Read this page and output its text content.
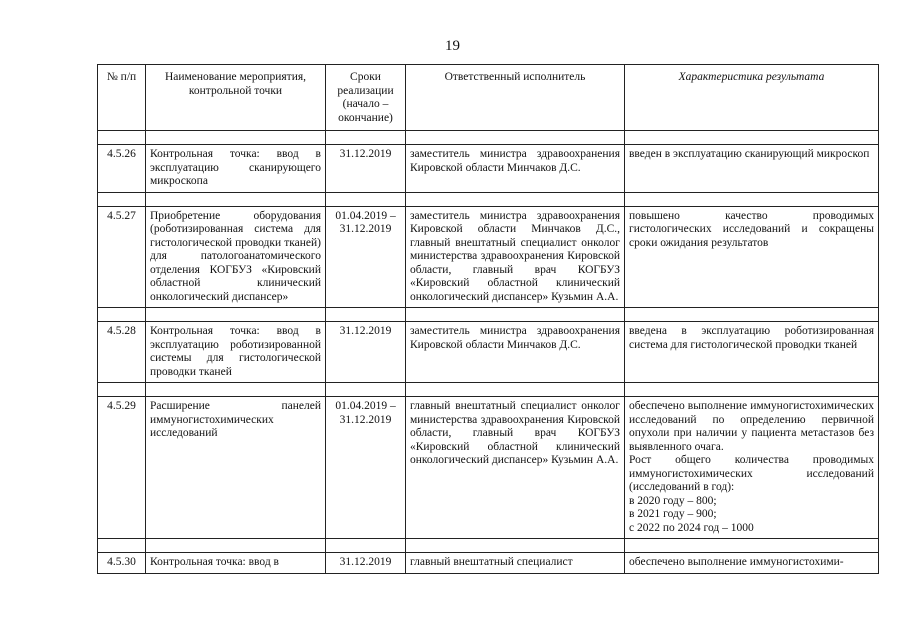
19
№ п/п	Наименование мероприятия, контрольной точки	Сроки реализации (начало – окончание)	Ответственный исполнитель	Характеристика результата

4.5.26	Контрольная точка: ввод в эксплуатацию сканирующего микроскопа	31.12.2019	заместитель министра здравоохранения Кировской области Минчаков Д.С.	введен в эксплуатацию сканирующий микроскоп

4.5.27	Приобретение оборудования (роботизированная система для гистологической проводки тканей) для патологоанатомического отделения КОГБУЗ «Кировский областной клинический онкологический диспансер»	01.04.2019 – 31.12.2019	заместитель министра здравоохранения Кировской области Минчаков Д.С., главный внештатный специалист онколог министерства здравоохранения Кировской области, главный врач КОГБУЗ «Кировский областной клинический онкологический диспансер» Кузьмин А.А.	повышено качество проводимых гистологических исследований и сокращены сроки ожидания результатов

4.5.28	Контрольная точка: ввод в эксплуатацию роботизированной системы для гистологической проводки тканей	31.12.2019	заместитель министра здравоохранения Кировской области Минчаков Д.С.	введена в эксплуатацию роботизированная система для гистологической проводки тканей

4.5.29	Расширение панелей иммуногистохимических исследований	01.04.2019 – 31.12.2019	главный внештатный специалист онколог министерства здравоохранения Кировской области, главный врач КОГБУЗ «Кировский областной клинический онкологический диспансер» Кузьмин А.А.	обеспечено выполнение иммуногистохимических исследований по определению первичной опухоли при наличии у пациента метастазов без выявленного очага.
Рост общего количества проводимых иммуногистохимических исследований (исследований в год):
в 2020 году – 800;
в 2021 году – 900;
с 2022 по 2024 год – 1000

4.5.30	Контрольная точка: ввод в	31.12.2019	главный внештатный специалист	обеспечено выполнение иммуногистохими-
